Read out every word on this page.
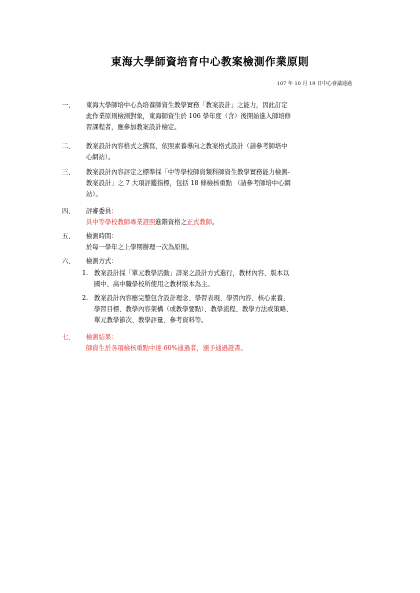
東海大學師資培育中心教案檢測作業原則
107 年 10 月 19 日中心會議通過
一、	東海大學師培中心為培養師資生教學實務「教案設計」之能力，因此訂定
此作業原則檢測對象，東海師資生於 106 學年度（含）後開始進入師培修
習課程者，應參加教案設計檢定。
二、	教案設計內容格式之撰寫，依照素養導向之教案格式設計（請參考師培中
心網站）。
三、	教案設計內容評定之標準採「中等學校師資類科師資生教學實務能力檢測-
教案設計」之 7 大項評鑑指標，包括 18 條檢核重點 （請參考師培中心網
站）。
四、	評審委員：
具中等學校教師專業證照進階資格之正式教師。
五、	檢測時間：
於每一學年之上學期辦理一次為原則。
六、	檢測方式：
1. 教案設計採「單元教學活動」詳案之設計方式進行，教材內容、版本以
國中、高中職學校所使用之教材版本為主。
2. 教案設計內容應完整包含設計理念、學習表現、學習內容、核心素養、
學習目標、教學內容架構（或教學要點）、教學流程、教學方法或策略、
單元教學節次、教學評量、參考資料等。
七、	檢測結果：
師資生於各項檢核重點中達 60%通過者，頒予通過證書。
